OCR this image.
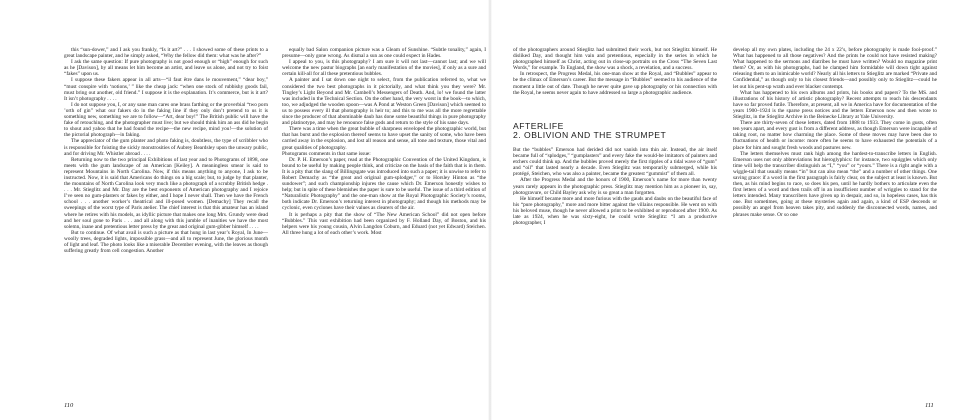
this “sun-dower,” and I ask you frankly, “Is it art?” . . . I showed some of these prints to a great landscape painter, and he simply asked, “Why the fellow did them: what was he after?”

I ask the same question: If pure photography is not good enough or “high” enough for such as he [Davison], by all means let him become an artist, and leave us alone, and not try to foist “fakes” upon us.

I suppose these fakers appear in all arts—“il faut être dans le mouvement,” “dear boy,” “must conspire with ‘notions,’ ” like the cheap jack: “when one stock of rubbishy goods fail, must bring out another, old friend.” I suppose it is the explanation. It’s commerce, but is it art? It isn’t photography . . . .

I do not suppose you, I, or any sane man cares one brass farthing or the proverbial “two porn ’orth of gin” what our fakers do in the faking line if they only don’t pretend to us it is something new, something we are to follow—“Art, dear boy!” The British public will have the fake of retouching, and the photographer must live; but we should think him an ass did he begin to shout and yahoo that he had found the recipe—the new recipe, mind you!—the solution of the pictorial photograph—in faking.

The appreciator of the gum planter and photo faking is, doubtless, the type of scribbler who is responsible for foisting the sickly monstrosities of Aubrey Beardsley upon the unwary public, and for driving Mr. Whistler abroad . . . .

Returning now to the two principal Exhibitions of last year and to Photograms of 1898, one meets with the gum landscape of an American [Keiley]. A meaningless smear is said to represent Mountains in North Carolina. Now, if this means anything to anyone, I ask to be instructed. Now, it is said that Americans do things on a big scale; but, to judge by that planter, the mountains of North Carolina look very much like a photograph of a scrubby British hedge . . . . Mr. Stieglitz and Mr. Day are the best exponents of American photography and I rejoice I’ve seen no gum-plasters or fakes by either, and I hope I never shall. Then we have the French school . . . another worker’s theatrical and ill-posed women. [Demachy] They recall the sweepings of the worst type of Paris atelier. The chief interest is that this amateur has an island where he retires with his models, as idyllic picture that makes one long Mrs. Grundy were dead and her soul gone to Paris . . . and all along with this jumble of inanities we have the most solemn, inane and pretentious letter press by the great and original gum-gibber himself . . . .

But to continue. Of what avail is such a picture as that hung in last year’s Royal, In June—woolly trees, degraded lights, impossible grass—and all to represent June, the glorious month of light and leaf. The photo looks like a miserable December evening, with the leaves as though suffering greatly from cell congestion. Another

equally bad Salon companion picture was a Gleam of Sunshine. “Subtle tonality,” again, I presume—only gone wrong. As dismal a sun as one could expect in Hades.

I appeal to you, is this photography? I am sure it will not last—cannot last; and we will welcome the new pastur biographs [an early manifestation of the movies], if only as a sure and certain kill-all for all these pretentious bubbles.

A painter and I sat down one night to select, from the publication referred to, what we considered the two best photographs in it pictorially, and what think you they were? Mr. Tingley’s Light Beyond and Mr. Cambell’s Messengers of Death. And, lo! we found the latter was included in the Technical Section. On the other hand, the very worst in the book—to which, too, we adjudged the wooden spoon—was A Pond at Weston Green [Davison] which seemed to us to possess every ill that photography is heir to; and this to me was all the more regrettable since the producer of that abominable daub has done some beautiful things in pure photography and platinotype, and may he renounce false gods and return to the style of his sane days.

There was a time when the great bubble of sharpness enveloped the photographic world, but that has burst and the explosion thereof seems to have upset the sanity of some, who have been carried away in the explosion, and lost all reason and sense, all tone and texture, those vital and great qualities of photography.

Photograms comments in that same issue:

Dr. P. H. Emerson’s paper, read at the Photographic Convention of the United Kingdom, is bound to be useful by making people think, and criticize on the basis of the faith that is in them. It is a pity that the slang of Billingsgate was introduced into such a paper; it is unwise to refer to Robert Demachy as “the great and original gum-splodger,” or to Horsley Hinton as “the sundower”; and such championship injures the cause which Dr. Emerson honestly wishes to help; but in spite of these blemishes the paper is sure to be useful. The issue of a third edition of “Naturalistic Photography” and the one-man show at the Royal Photographic Society’s rooms, both indicate Dr. Emerson’s returning interest in photography; and though his methods may be cyclonic, even cyclones have their values as clearers of the air.

It is perhaps a pity that the show of “The New American School” did not open before “Bubbles.” This vast exhibition had been organized by F. Holland Day, of Boston, and his helpers were his young cousin, Alvin Langdon Coburn, and Eduard (not yet Edward) Steichen. All three hung a lot of each other’s work. Most

110

of the photographers around Stieglitz had submitted their work, but not Stieglitz himself. He disliked Day, and thought him vain and pretentious, especially in the series in which he photographed himself as Christ, acting out in close-up portraits on the Cross “The Seven Last Words,” for example. To England, the show was a shock, a revelation, and a success.

In retrospect, the Progress Medal, his one-man show at the Royal, and “Bubbles” appear to be the climax of Emerson’s career. But the message in “Bubbles” seemed to his audience of the moment a little out of date. Though he never quite gave up photography or his connection with the Royal, he seems never again to have addressed so large a photographic audience.

AFTERLIFE
2. OBLIVION AND THE STRUMPET

But the “bubbles” Emerson had derided did not vanish into thin air. Instead, the air itself became full of “splodges,” “gumplasters” and every fake the would-be imitators of painters and etchers could think up. And the bubbles proved merely the first ripples of a tidal wave of “gum” and “oil” that lasted nearly a decade. Even Stieglitz was temporarily submerged, while his protégé, Steichen, who was also a painter, became the greatest “gummist” of them all.

After the Progress Medal and the honors of 1900, Emerson’s name for more than twenty years rarely appears in the photographic press. Stieglitz may mention him as a pioneer in, say, photogravure, or Child Bayley ask why is so great a man forgotten.

He himself became more and more furious with the gauds and daubs on the beautiful face of his “pure photography,” more and more bitter against the villains responsible. He went on with his beloved muse, though he never allowed a print to be exhibited or reproduced after 1900. As late as 1924, when he was sixty-eight, he could write Stieglitz: “I am a productive photographer, I

develop all my own plates, including the 24 x 22’s, before photography is made fool-proof.” What has happened to all those negatives? And the prints he could not have resisted making? What happened to the sermons and diatribes he must have written? Would no magazine print them? Or, as with his photographs, had he clamped him formidable will down tight against releasing them to an inimicable world? Nearly all his letters to Stieglitz are marked “Private and Confidential,” as though only to his closest friends—and possibly only to Stieglitz—could he let out his pent-up wrath and ever blacker contempt.

What has happened to his own albums and prints, his books and papers? To the MS. and illustrations of his history of artistic photography? Recent attempts to reach his descendants have so far proved futile. Therefore, at present, all we in America have for documentation of the years 1900–1924 is the sparse press notices and the letters Emerson now and then wrote to Stieglitz, in the Stieglitz Archive in the Beinecke Library at Yale University.

There are thirty-seven of these letters, dated from 1888 to 1933. They come in gusts, often ten years apart, and every gust is from a different address, as though Emerson were incapable of taking root, no matter how charming the place. Some of these moves may have been due to fluctuations of health or income: more often he seems to have exhausted the potentials of a place for him and sought fresh woods and pastures new.

The letters themselves must rank high among the hardest-to-transcribe letters in English. Emerson uses not only abbreviations but hieroglyphics: for instance, two squiggles which only time will help the transcriber distinguish as “I,” “you” or “yours.” There is a right angle with a wiggle-tail that usually means “in” but can also mean “the” and a number of other things. One saving grace: if a word in the first paragraph is fairly clear, on the subject at least is known. But then, as his mind begins to race, so does his pen, until he hardly bothers to articulate even the first letters of a word and then trails off in an insufficient number of wriggles to stand for the letters intended. Many transcribers have given up in despair, and so, in hopeless cases, has this one. But sometimes, going at these mysteries again and again, a kind of ESP descends or possibly an angel from heaven takes pity, and suddenly the disconnected words, names, and phrases make sense. Or so one

111
